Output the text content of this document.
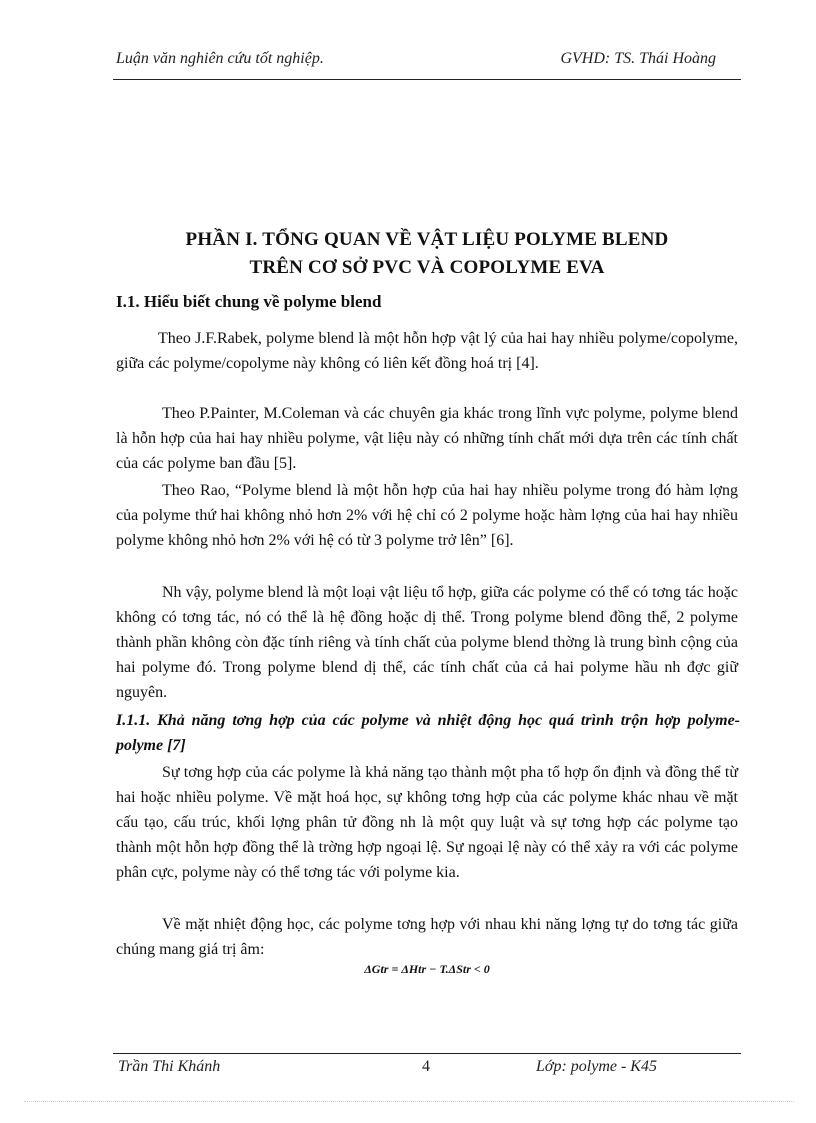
Luận văn nghiên cứu tốt nghiệp.	GVHD: TS. Thái Hoàng
PHẦN I. TỔNG QUAN VỀ VẬT LIỆU POLYME BLEND
TRÊN CƠ SỞ PVC VÀ COPOLYME EVA
I.1. Hiểu biết chung về polyme blend

Theo J.F.Rabek, polyme blend là một hỗn hợp vật lý của hai hay nhiều polyme/copolyme, giữa các polyme/copolyme này không có liên kết đồng hoá trị [4].

Theo P.Painter, M.Coleman và các chuyên gia khác trong lĩnh vực polyme, polyme blend là hỗn hợp của hai hay nhiều polyme, vật liệu này có những tính chất mới dựa trên các tính chất của các polyme ban đầu [5].

Theo Rao, “Polyme blend là một hỗn hợp của hai hay nhiều polyme trong đó hàm lợng của polyme thứ hai không nhỏ hơn 2% với hệ chỉ có 2 polyme hoặc hàm lợng của hai hay nhiều polyme không nhỏ hơn 2% với hệ có từ 3 polyme trở lên” [6].

Nh vậy, polyme blend là một loại vật liệu tổ hợp, giữa các polyme có thể có tơng tác hoặc không có tơng tác, nó có thể là hệ đồng hoặc dị thể. Trong polyme blend đồng thể, 2 polyme thành phần không còn đặc tính riêng và tính chất của polyme blend thờng là trung bình cộng của hai polyme đó. Trong polyme blend dị thể, các tính chất của cả hai polyme hầu nh đợc giữ nguyên.

I.1.1. Khả năng tơng hợp của các polyme và nhiệt động học quá trình trộn hợp polyme- polyme [7]

Sự tơng hợp của các polyme là khả năng tạo thành một pha tổ hợp ổn định và đồng thể từ hai hoặc nhiều polyme. Về mặt hoá học, sự không tơng hợp của các polyme khác nhau về mặt cấu tạo, cấu trúc, khối lợng phân tử đồng nh là một quy luật và sự tơng hợp các polyme tạo thành một hỗn hợp đồng thể là trờng hợp ngoại lệ. Sự ngoại lệ này có thể xảy ra với các polyme phân cực, polyme này có thể tơng tác với polyme kia.

Về mặt nhiệt động học, các polyme tơng hợp với nhau khi năng lợng tự do tơng tác giữa chúng mang giá trị âm:

ΔGtr = ΔHtr − T.ΔStr < 0
Trần Thi Khánh	4	Lớp: polyme - K45
